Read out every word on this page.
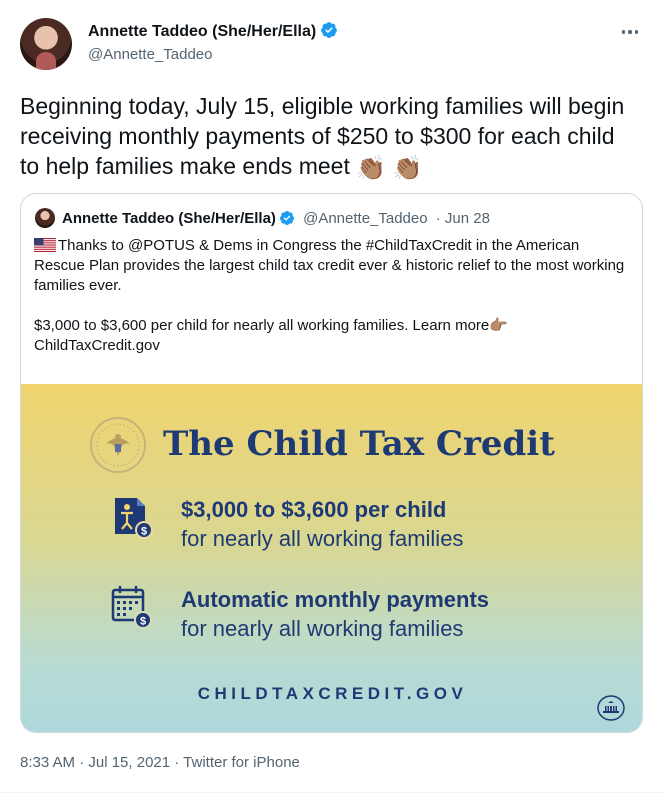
Annette Taddeo (She/Her/Ella)
@Annette_Taddeo
Beginning today, July 15, eligible working families will begin receiving monthly payments of $250 to $300 for each child to help families make ends meet 👏🏽 👏🏽
Annette Taddeo (She/Her/Ella) @Annette_Taddeo · Jun 28

Thanks to @POTUS & Dems in Congress the #ChildTaxCredit in the American Rescue Plan provides the largest child tax credit ever & historic relief to the most working families ever.

$3,000 to $3,600 per child for nearly all working families. Learn more👉🏽

ChildTaxCredit.gov

The Child Tax Credit
$
$3,000 to $3,600 per child
for nearly all working families
$
Automatic monthly payments
for nearly all working families
CHILDTAXCREDIT.GOV
8:33 AM · Jul 15, 2021 · Twitter for iPhone
